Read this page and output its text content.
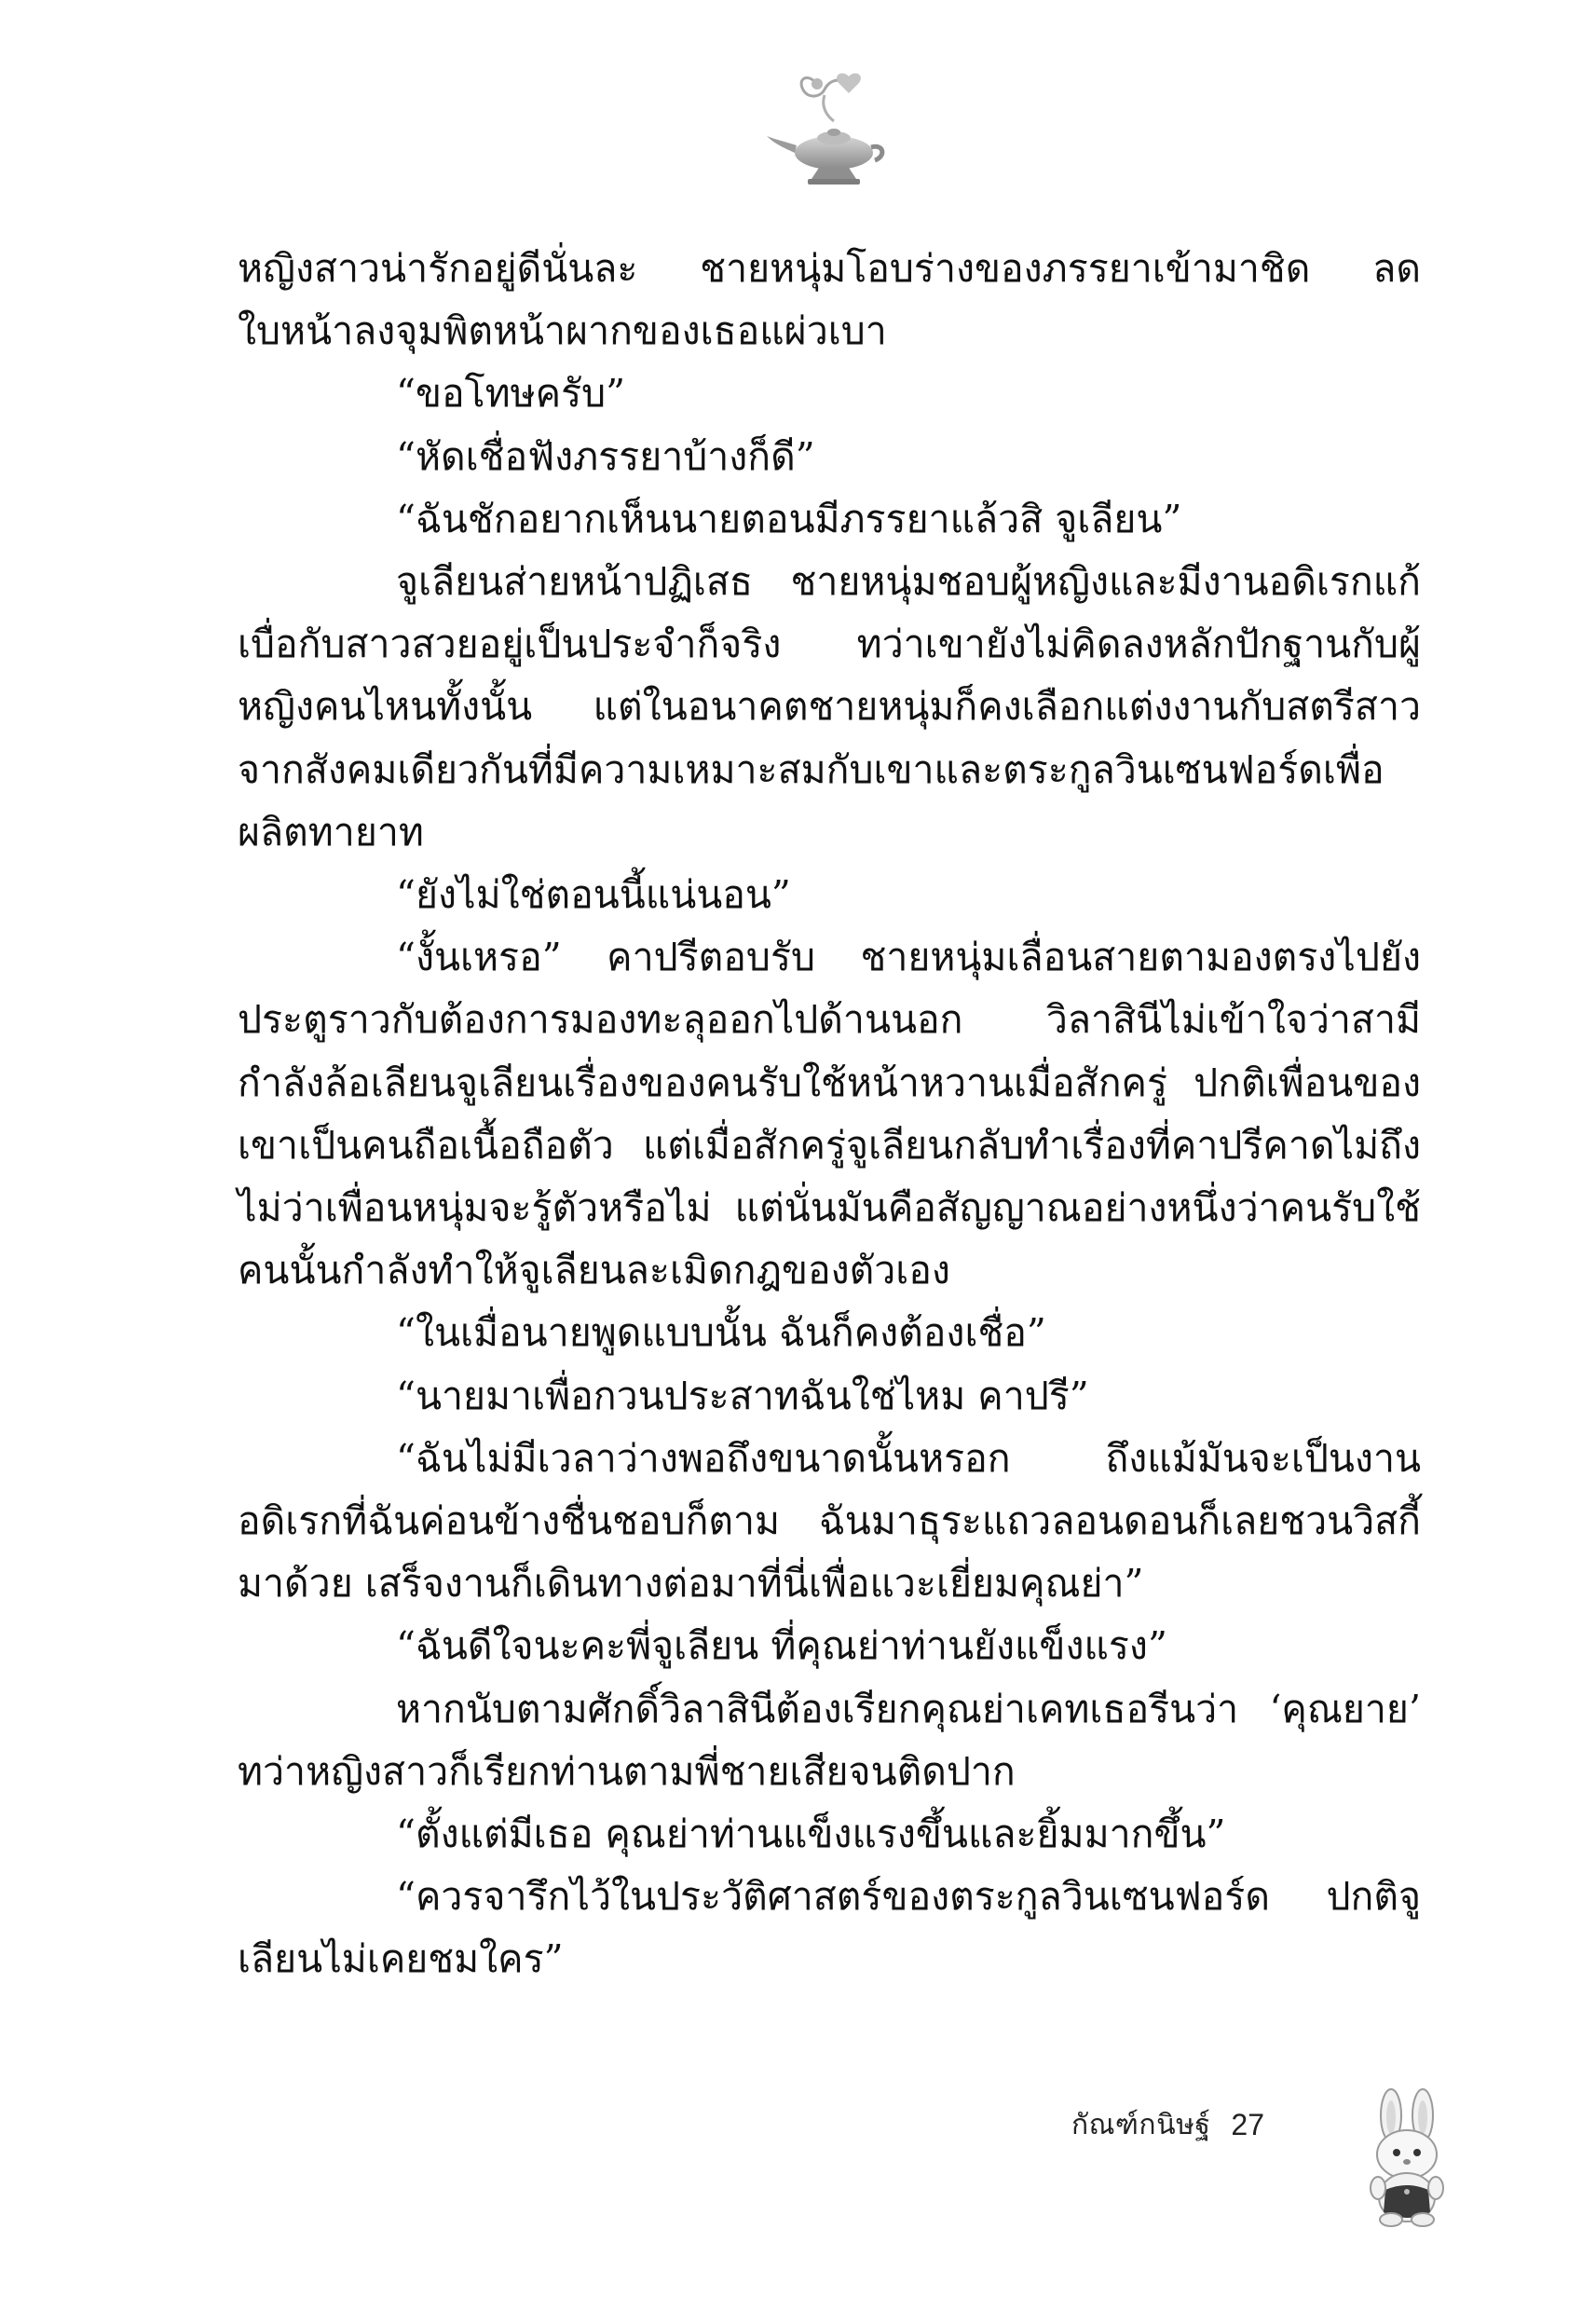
หญิงสาวน่ารักอยู่ดีนั่นละ ชายหนุ่มโอบร่างของภรรยาเข้ามาชิด ลดใบหน้าลงจุมพิตหน้าผากของเธอแผ่วเบา

“ขอโทษครับ”

“หัดเชื่อฟังภรรยาบ้างก็ดี”

“ฉันชักอยากเห็นนายตอนมีภรรยาแล้วสิ จูเลียน”

จูเลียนส่ายหน้าปฏิเสธ ชายหนุ่มชอบผู้หญิงและมีงานอดิเรกแก้เบื่อกับสาวสวยอยู่เป็นประจำก็จริง ทว่าเขายังไม่คิดลงหลักปักฐานกับผู้หญิงคนไหนทั้งนั้น แต่ในอนาคตชายหนุ่มก็คงเลือกแต่งงานกับสตรีสาวจากสังคมเดียวกันที่มีความเหมาะสมกับเขาและตระกูลวินเซนฟอร์ดเพื่อผลิตทายาท

“ยังไม่ใช่ตอนนี้แน่นอน”

“งั้นเหรอ” คาปรีตอบรับ ชายหนุ่มเลื่อนสายตามองตรงไปยังประตูราวกับต้องการมองทะลุออกไปด้านนอก วิลาสินีไม่เข้าใจว่าสามีกำลังล้อเลียนจูเลียนเรื่องของคนรับใช้หน้าหวานเมื่อสักครู่ ปกติเพื่อนของเขาเป็นคนถือเนื้อถือตัว แต่เมื่อสักครู่จูเลียนกลับทำเรื่องที่คาปรีคาดไม่ถึง ไม่ว่าเพื่อนหนุ่มจะรู้ตัวหรือไม่ แต่นั่นมันคือสัญญาณอย่างหนึ่งว่าคนรับใช้คนนั้นกำลังทำให้จูเลียนละเมิดกฎของตัวเอง

“ในเมื่อนายพูดแบบนั้น ฉันก็คงต้องเชื่อ”

“นายมาเพื่อกวนประสาทฉันใช่ไหม คาปรี”

“ฉันไม่มีเวลาว่างพอถึงขนาดนั้นหรอก ถึงแม้มันจะเป็นงานอดิเรกที่ฉันค่อนข้างชื่นชอบก็ตาม ฉันมาธุระแถวลอนดอนก็เลยชวนวิสกี้มาด้วย เสร็จงานก็เดินทางต่อมาที่นี่เพื่อแวะเยี่ยมคุณย่า”

“ฉันดีใจนะคะพี่จูเลียน ที่คุณย่าท่านยังแข็งแรง”

หากนับตามศักดิ์วิลาสินีต้องเรียกคุณย่าเคทเธอรีนว่า ‘คุณยาย’ ทว่าหญิงสาวก็เรียกท่านตามพี่ชายเสียจนติดปาก

“ตั้งแต่มีเธอ คุณย่าท่านแข็งแรงขึ้นและยิ้มมากขึ้น”

“ควรจารึกไว้ในประวัติศาสตร์ของตระกูลวินเซนฟอร์ด ปกติจูเลียนไม่เคยชมใคร”

กัณฑ์กนิษฐ์ 27
